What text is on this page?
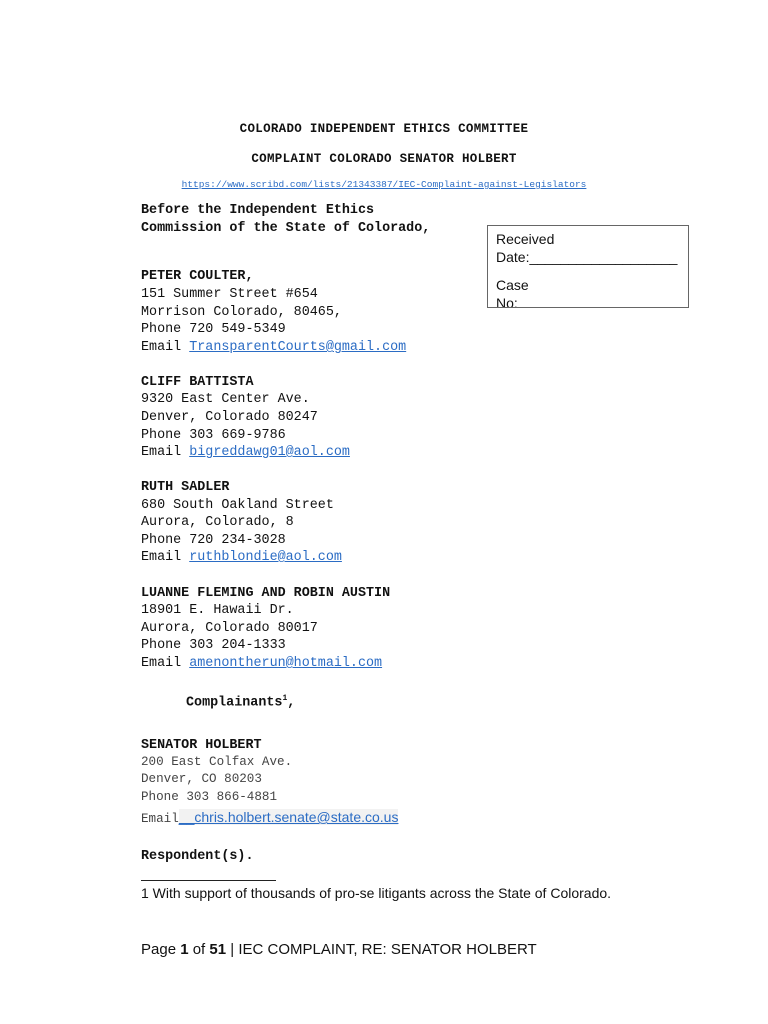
COLORADO INDEPENDENT ETHICS COMMITTEE
COMPLAINT COLORADO SENATOR HOLBERT
https://www.scribd.com/lists/21343387/IEC-Complaint-against-Legislators
Before the Independent Ethics
Commission of the State of Colorado,
Received
Date:___________________
Case
No:
PETER COULTER,
151 Summer Street #654
Morrison Colorado, 80465,
Phone 720 549-5349
Email TransparentCourts@gmail.com
CLIFF BATTISTA
9320 East Center Ave.
Denver, Colorado 80247
Phone 303 669-9786
Email bigreddawg01@aol.com
RUTH SADLER
680 South Oakland Street
Aurora, Colorado, 8
Phone 720 234-3028
Email ruthblondie@aol.com
LUANNE FLEMING AND ROBIN AUSTIN
18901 E. Hawaii Dr.
Aurora, Colorado 80017
Phone 303 204-1333
Email amenontherun@hotmail.com
Complainants$^1$,
SENATOR HOLBERT
200 East Colfax Ave.
Denver, CO 80203
Phone 303 866-4881
Email__chris.holbert.senate@state.co.us
Respondent(s).
1 With support of thousands of pro-se litigants across the State of Colorado.
Page 1 of 51 | IEC COMPLAINT, RE: SENATOR HOLBERT
